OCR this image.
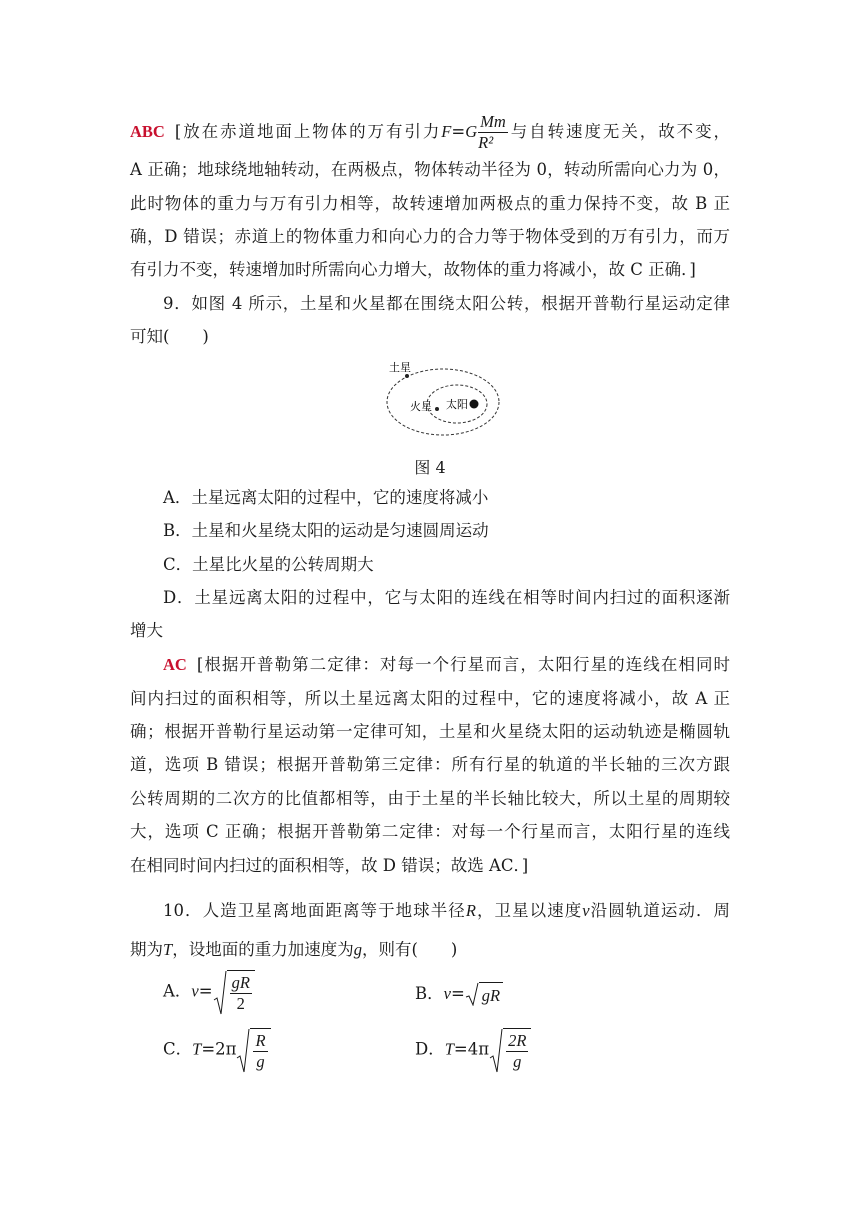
ABC [放在赤道地面上物体的万有引力$F=G \frac{Mm}{\text{R²}}$ 与自转速度无关，故不变，
A 正确；地球绕地轴转动，在两极点，物体转动半径为 0，转动所需向心力为 0，
此时物体的重力与万有引力相等，故转速增加两极点的重力保持不变，故 B 正
确，D 错误；赤道上的物体重力和向心力的合力等于物体受到的万有引力，而万
有引力不变，转速增加时所需向心力增大，故物体的重力将减小，故 C 正确．]
9．如图 4 所示，土星和火星都在围绕太阳公转，根据开普勒行星运动定律
可知(　　)
土星
火星 太阳
图 4
A．土星远离太阳的过程中，它的速度将减小
B．土星和火星绕太阳的运动是匀速圆周运动
C．土星比火星的公转周期大
D．土星远离太阳的过程中，它与太阳的连线在相等时间内扫过的面积逐渐
增大
AC [根据开普勒第二定律：对每一个行星而言，太阳行星的连线在相同时
间内扫过的面积相等，所以土星远离太阳的过程中，它的速度将减小，故 A 正
确；根据开普勒行星运动第一定律可知，土星和火星绕太阳的运动轨迹是椭圆轨
道，选项 B 错误；根据开普勒第三定律：所有行星的轨道的半长轴的三次方跟
公转周期的二次方的比值都相等，由于土星的半长轴比较大，所以土星的周期较
大，选项 C 正确；根据开普勒第二定律：对每一个行星而言，太阳行星的连线
在相同时间内扫过的面积相等，故 D 错误；故选 AC．]
10．人造卫星离地面距离等于地球半径R，卫星以速度v沿圆轨道运动．周
期为T，设地面的重力加速度为g，则有(　　)
A．$v= \frac{gR}{2}$	B．v= gR
C．$T=2\pi \frac{R}{g}$	D．$T=4\pi \frac{2R}{g}$
